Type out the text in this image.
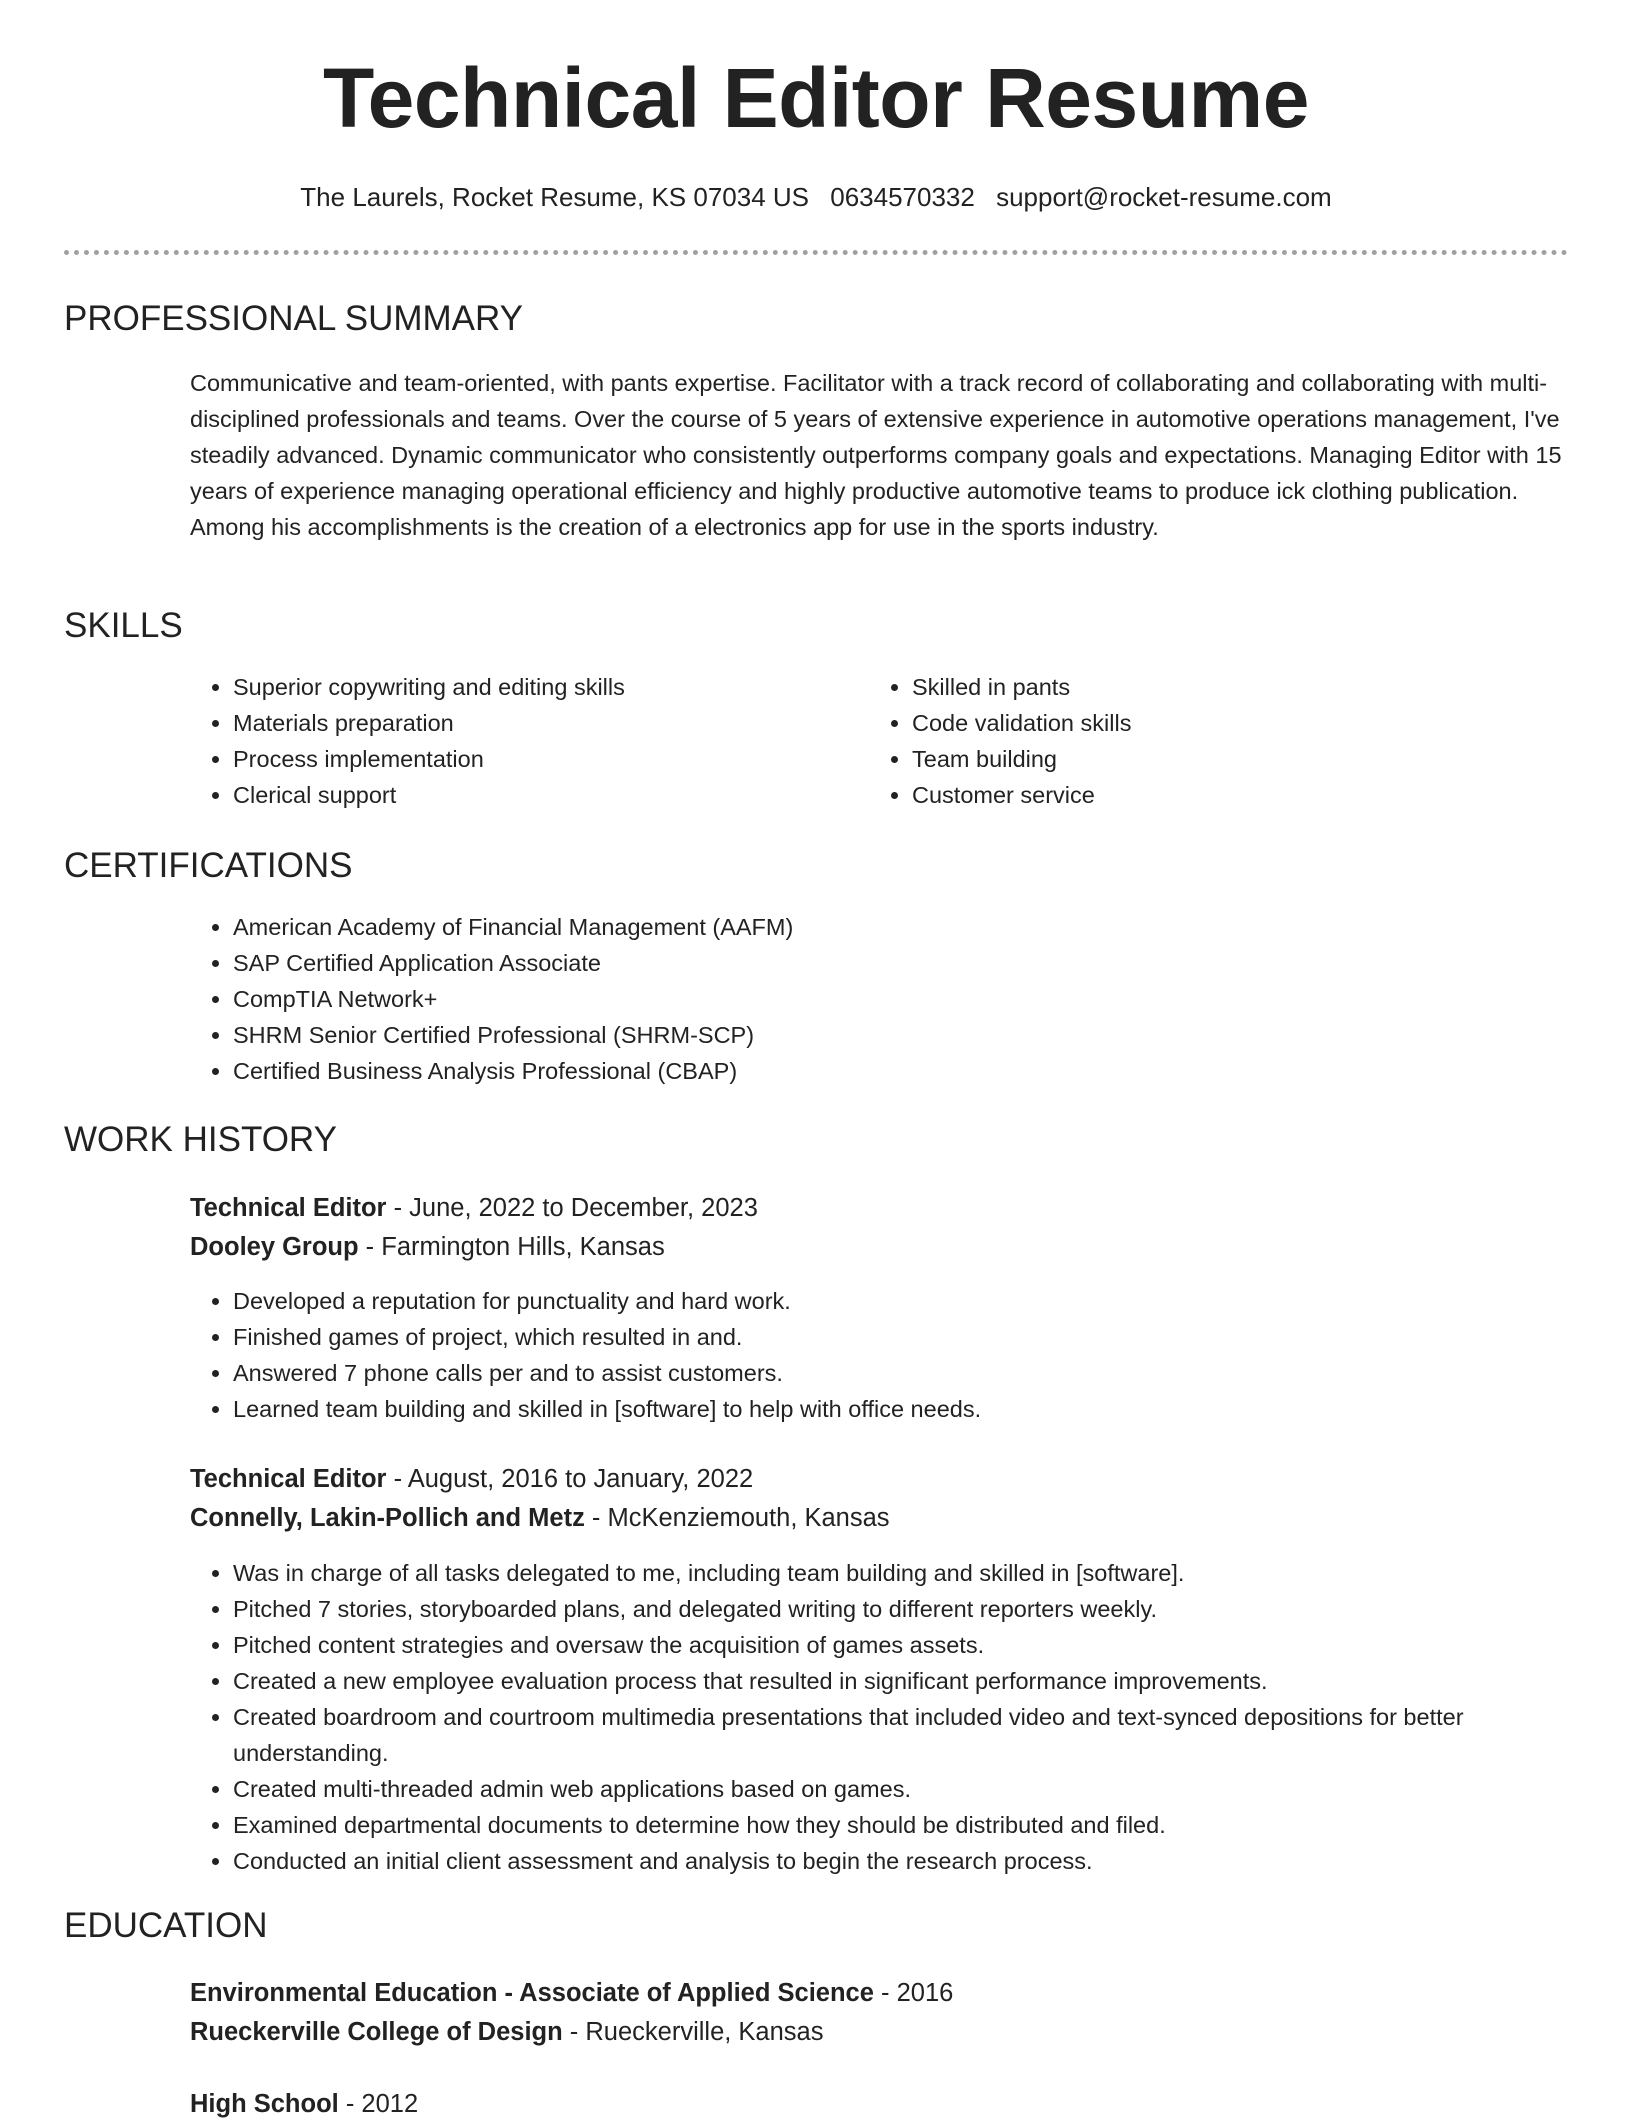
Technical Editor Resume
The Laurels, Rocket Resume, KS 07034 US 0634570332 support@rocket-resume.com
PROFESSIONAL SUMMARY

Communicative and team-oriented, with pants expertise. Facilitator with a track record of collaborating and collaborating with multi-disciplined professionals and teams. Over the course of 5 years of extensive experience in automotive operations management, I've steadily advanced. Dynamic communicator who consistently outperforms company goals and expectations. Managing Editor with 15 years of experience managing operational efficiency and highly productive automotive teams to produce ick clothing publication. Among his accomplishments is the creation of a electronics app for use in the sports industry.

SKILLS
• Superior copywriting and editing skills
• Materials preparation
• Process implementation
• Clerical support
• Skilled in pants
• Code validation skills
• Team building
• Customer service
CERTIFICATIONS
• American Academy of Financial Management (AAFM)
• SAP Certified Application Associate
• CompTIA Network+
• SHRM Senior Certified Professional (SHRM-SCP)
• Certified Business Analysis Professional (CBAP)
WORK HISTORY

Technical Editor - June, 2022 to December, 2023

Dooley Group - Farmington Hills, Kansas

• Developed a reputation for punctuality and hard work.
• Finished games of project, which resulted in and.
• Answered 7 phone calls per and to assist customers.
• Learned team building and skilled in [software] to help with office needs.

Technical Editor - August, 2016 to January, 2022

Connelly, Lakin-Pollich and Metz - McKenziemouth, Kansas

• Was in charge of all tasks delegated to me, including team building and skilled in [software].
• Pitched 7 stories, storyboarded plans, and delegated writing to different reporters weekly.
• Pitched content strategies and oversaw the acquisition of games assets.
• Created a new employee evaluation process that resulted in significant performance improvements.
• Created boardroom and courtroom multimedia presentations that included video and text-synced depositions for better understanding.
• Created multi-threaded admin web applications based on games.
• Examined departmental documents to determine how they should be distributed and filed.
• Conducted an initial client assessment and analysis to begin the research process.
EDUCATION

Environmental Education - Associate of Applied Science - 2016

Rueckerville College of Design - Rueckerville, Kansas

High School - 2012
